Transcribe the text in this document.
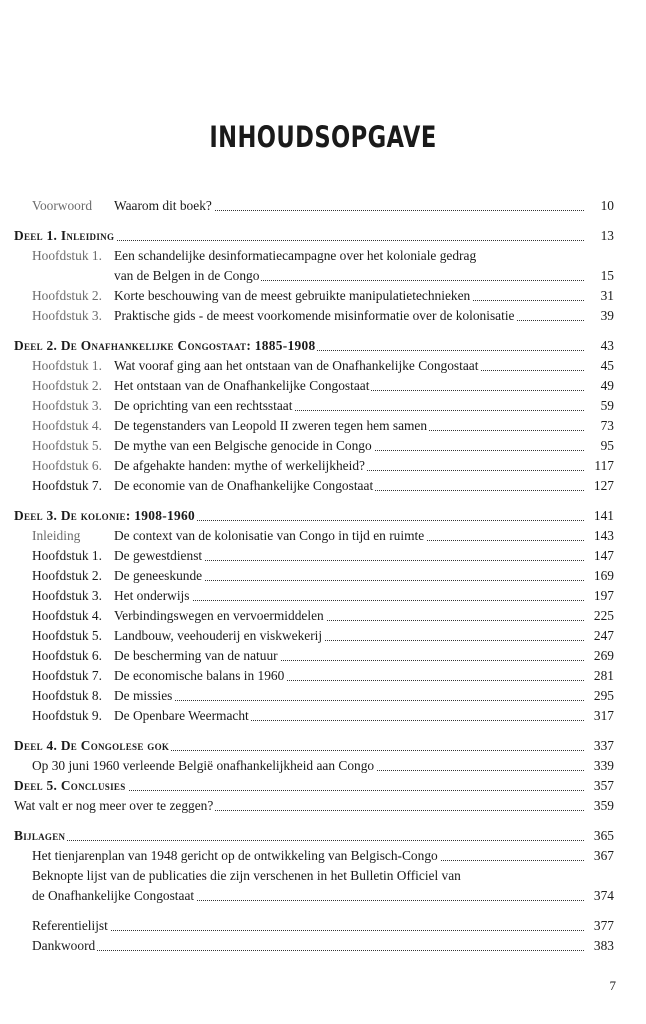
INHOUDSOPGAVE
Voorwoord Waarom dit boek?	10
Deel 1. Inleiding	13
Hoofdstuk 1. Een schandelijke desinformatiecampagne over het koloniale gedrag
van de Belgen in de Congo	15
Hoofdstuk 2. Korte beschouwing van de meest gebruikte manipulatietechnieken	31
Hoofdstuk 3. Praktische gids - de meest voorkomende misinformatie over de kolonisatie	39
Deel 2. De Onafhankelijke Congostaat: 1885-1908	43
Hoofdstuk 1. Wat vooraf ging aan het ontstaan van de Onafhankelijke Congostaat	45
Hoofdstuk 2. Het ontstaan van de Onafhankelijke Congostaat	49
Hoofdstuk 3. De oprichting van een rechtsstaat	59
Hoofdstuk 4. De tegenstanders van Leopold II zweren tegen hem samen	73
Hoofdstuk 5. De mythe van een Belgische genocide in Congo	95
Hoofdstuk 6. De afgehakte handen: mythe of werkelijkheid?	117
Hoofdstuk 7. De economie van de Onafhankelijke Congostaat	127
Deel 3. De kolonie: 1908-1960	141
Inleiding	De context van de kolonisatie van Congo in tijd en ruimte	143
Hoofdstuk 1. De gewestdienst	147
Hoofdstuk 2. De geneeskunde	169
Hoofdstuk 3. Het onderwijs	197
Hoofdstuk 4. Verbindingswegen en vervoermiddelen	225
Hoofdstuk 5. Landbouw, veehouderij en viskwekerij	247
Hoofdstuk 6. De bescherming van de natuur	269
Hoofdstuk 7. De economische balans in 1960	281
Hoofdstuk 8. De missies	295
Hoofdstuk 9. De Openbare Weermacht	317
Deel 4. De Congolese gok	337
Op 30 juni 1960 verleende België onafhankelijkheid aan Congo	339
Deel 5. Conclusies	357
Wat valt er nog meer over te zeggen?	359
Bijlagen	365
Het tienjarenplan van 1948 gericht op de ontwikkeling van Belgisch-Congo	367
Beknopte lijst van de publicaties die zijn verschenen in het Bulletin Officiel van
de Onafhankelijke Congostaat	374
Referentielijst	377
Dankwoord	383
7
